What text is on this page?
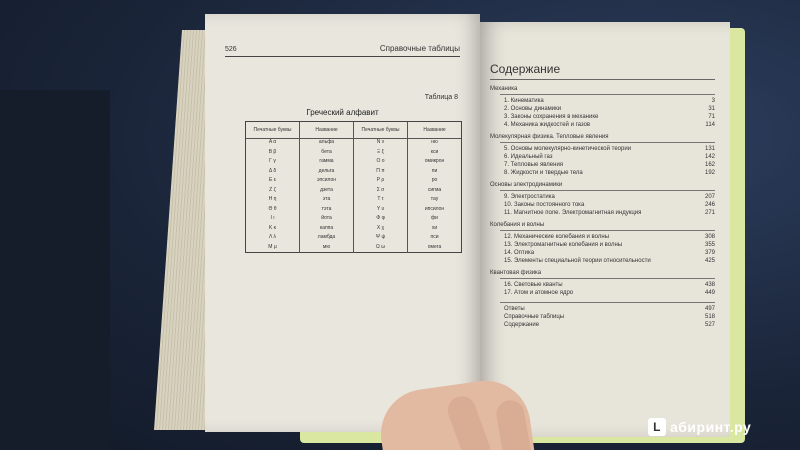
526	Справочные таблицы
Таблица 8
Греческий алфавит
Печатные буквы	Название	Печатные буквы	Название
Α α	альфа	Ν ν	ню
Β β	бета	Ξ ξ	кси
Γ γ	гамма	Ο ο	омикрон
Δ δ	дельта	Π π	пи
Ε ε	эпсилон	Ρ ρ	ро
Ζ ζ	дзета	Σ σ	сигма
Η η	эта	Τ τ	тау
Θ θ	тэта	Υ υ	ипсилон
Ι ι	йота	Φ φ	фи
Κ κ	каппа	Χ χ	хи
Λ λ	ламбда	Ψ ψ	пси
Μ μ	мю	Ω ω	омега
Содержание
Механика
1. Кинематика	3
2. Основы динамики	31
3. Законы сохранения в механике	71
4. Механика жидкостей и газов	114
Молекулярная физика. Тепловые явления
5. Основы молекулярно-кинетической теории	131
6. Идеальный газ	142
7. Тепловые явления	162
8. Жидкости и твердые тела	192
Основы электродинамики
9. Электростатика	207
10. Законы постоянного тока	246
11. Магнитное поле. Электромагнитная индукция	271
Колебания и волны
12. Механические колебания и волны	308
13. Электромагнитные колебания и волны	355
14. Оптика	379
15. Элементы специальной теории относительности	425
Квантовая физика
16. Световые кванты	438
17. Атом и атомное ядро	449
Ответы	497
Справочные таблицы	518
Содержание	527
L абиринт.ру
